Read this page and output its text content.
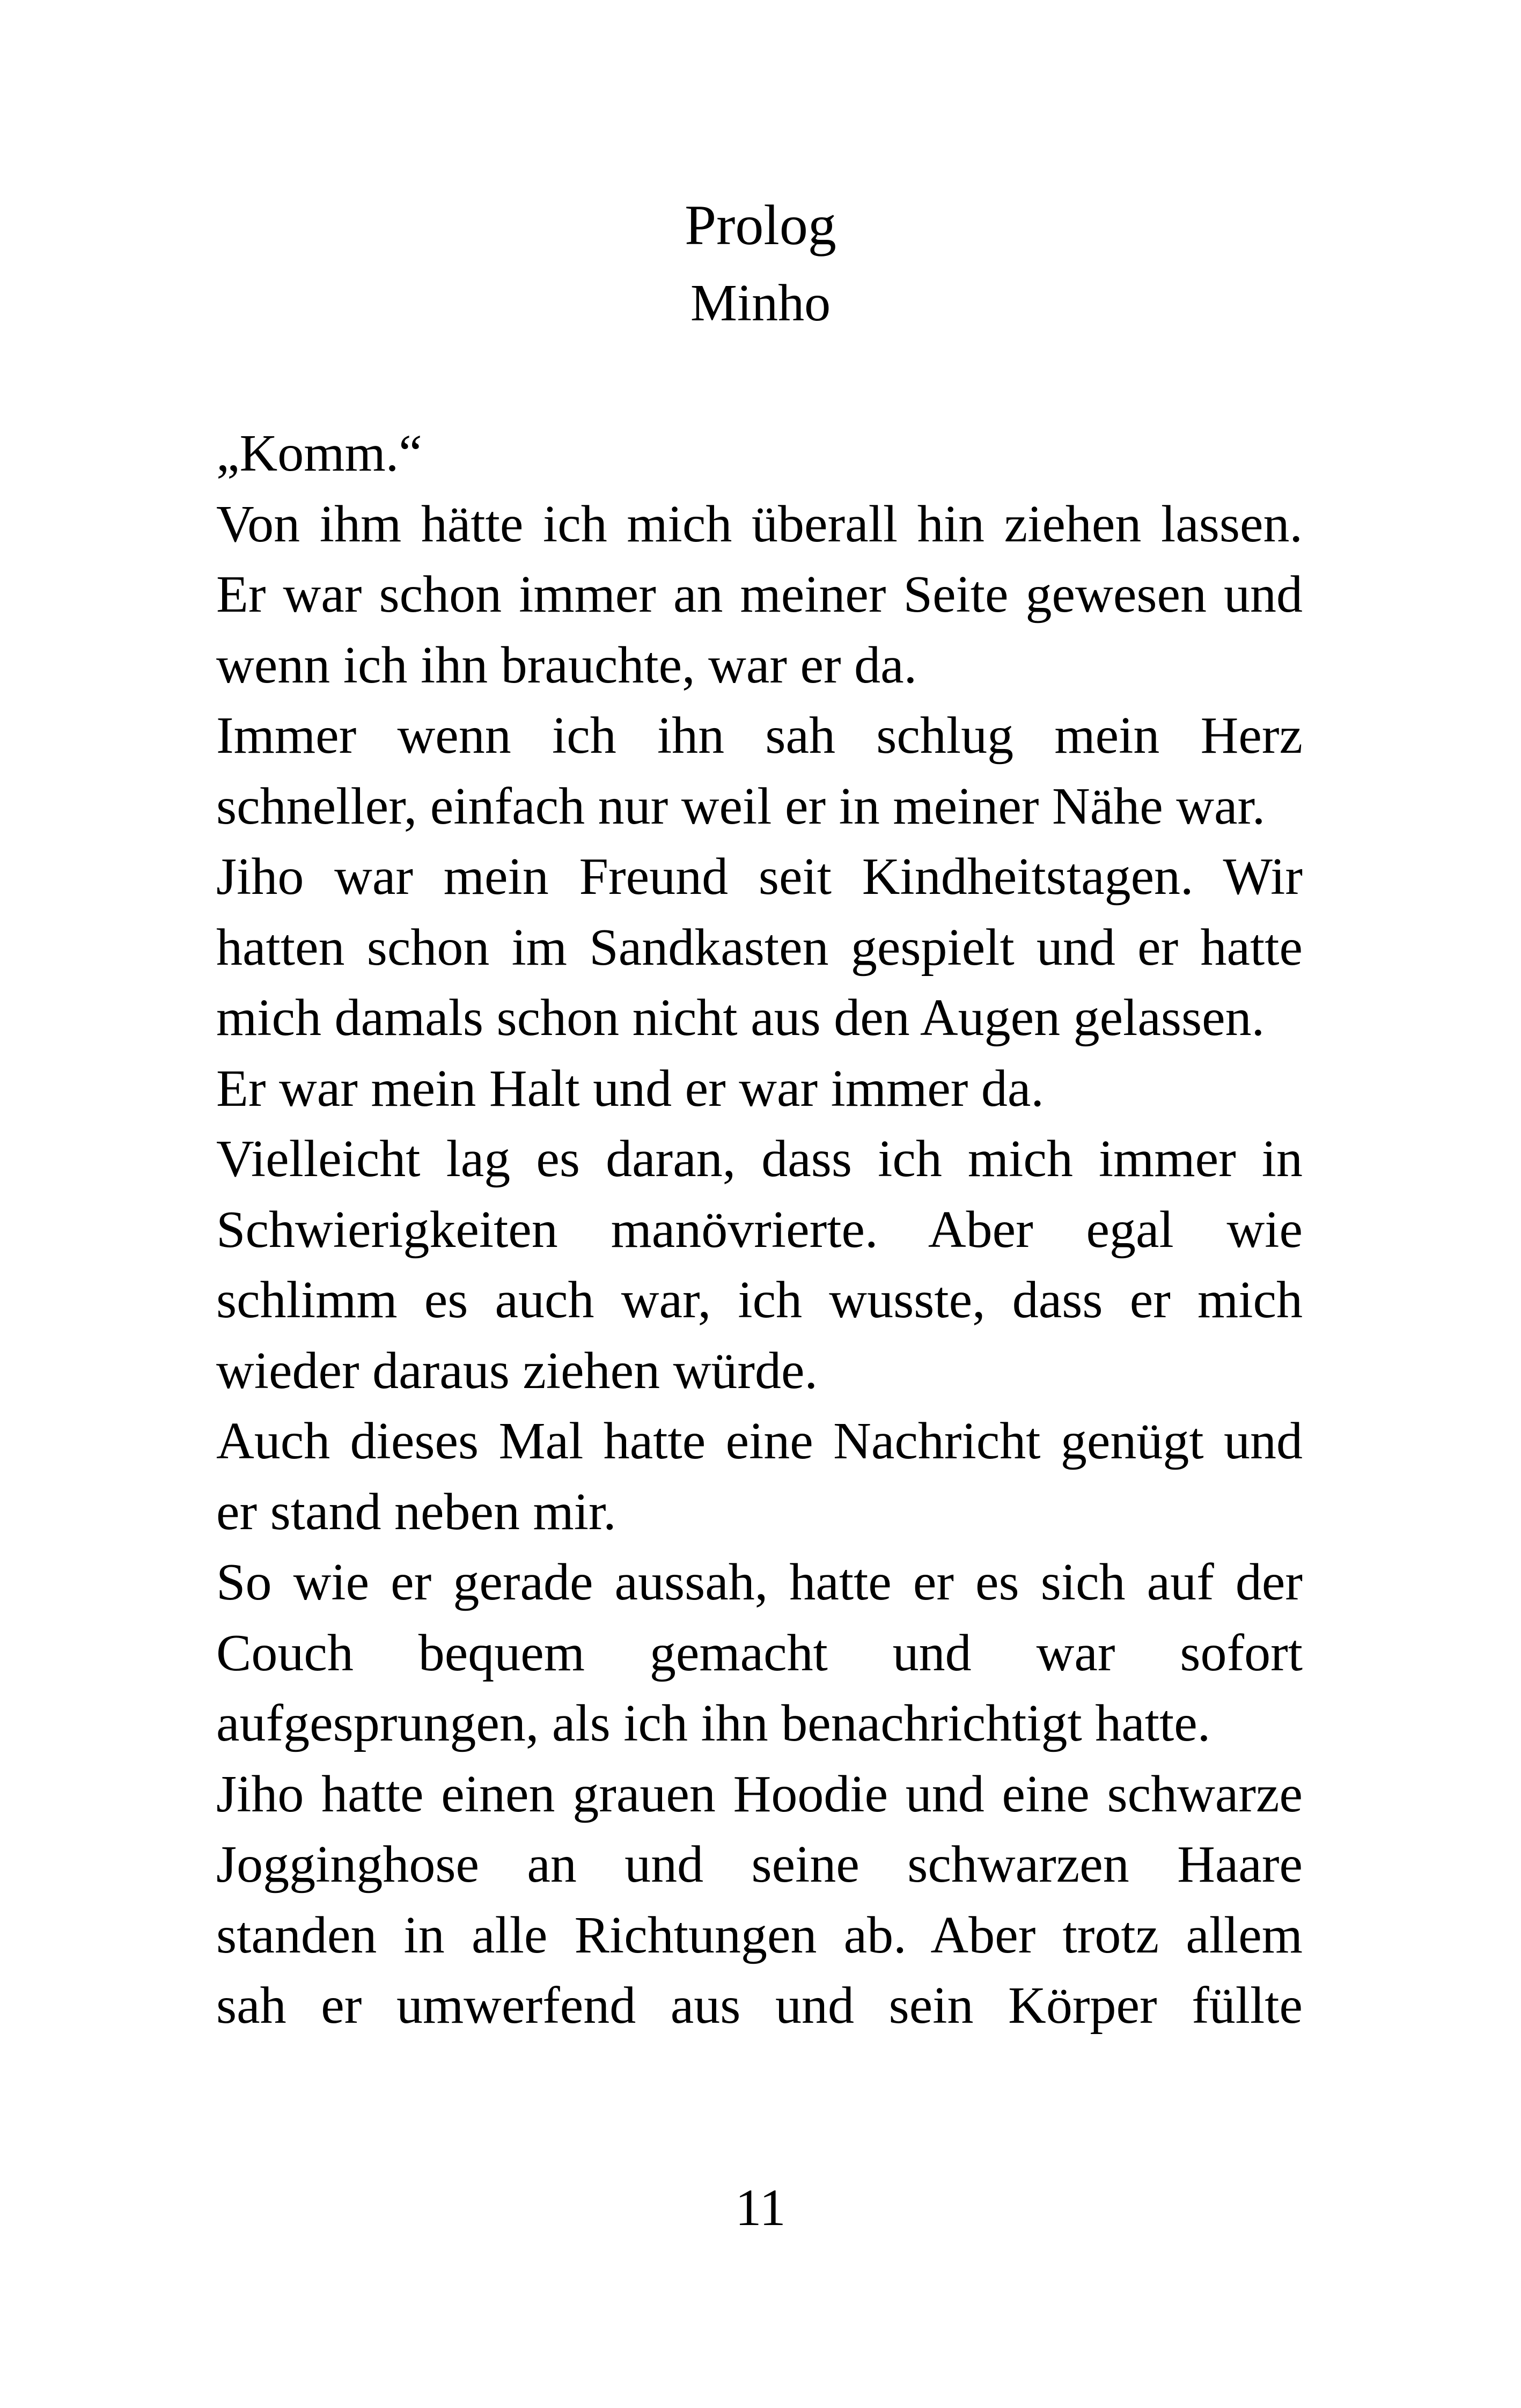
Prolog
Minho
„Komm.“
Von ihm hätte ich mich überall hin ziehen lassen.
Er war schon immer an meiner Seite gewesen und
wenn ich ihn brauchte, war er da.
Immer wenn ich ihn sah schlug mein Herz
schneller, einfach nur weil er in meiner Nähe war.
Jiho war mein Freund seit Kindheitstagen. Wir
hatten schon im Sandkasten gespielt und er hatte
mich damals schon nicht aus den Augen gelassen.
Er war mein Halt und er war immer da.
Vielleicht lag es daran, dass ich mich immer in
Schwierigkeiten manövrierte. Aber egal wie
schlimm es auch war, ich wusste, dass er mich
wieder daraus ziehen würde.
Auch dieses Mal hatte eine Nachricht genügt und
er stand neben mir.
So wie er gerade aussah, hatte er es sich auf der
Couch bequem gemacht und war sofort
aufgesprungen, als ich ihn benachrichtigt hatte.
Jiho hatte einen grauen Hoodie und eine schwarze
Jogginghose an und seine schwarzen Haare
standen in alle Richtungen ab. Aber trotz allem
sah er umwerfend aus und sein Körper füllte
11
